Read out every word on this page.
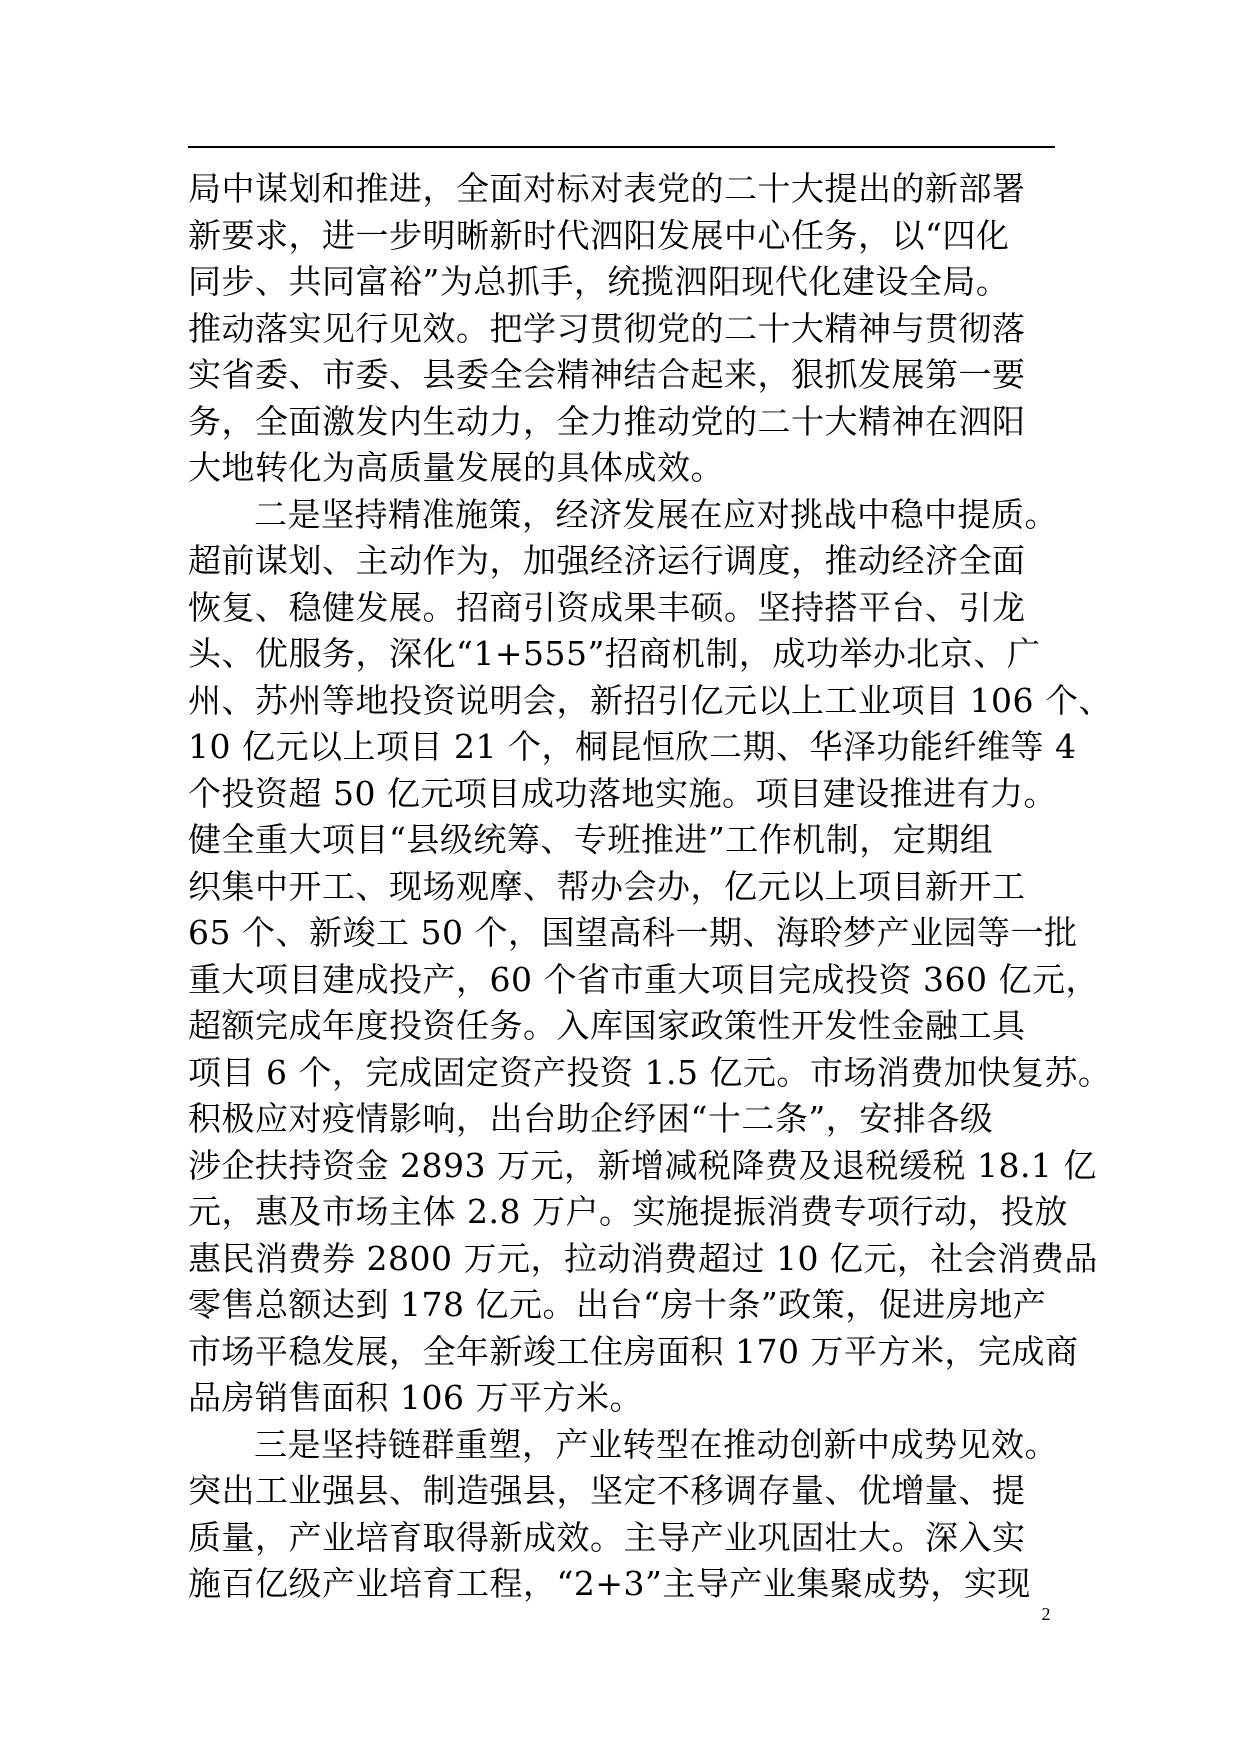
局中谋划和推进，全面对标对表党的二十大提出的新部署
新要求，进一步明晰新时代泗阳发展中心任务，以“四化
同步、共同富裕”为总抓手，统揽泗阳现代化建设全局。
推动落实见行见效。把学习贯彻党的二十大精神与贯彻落
实省委、市委、县委全会精神结合起来，狠抓发展第一要
务，全面激发内生动力，全力推动党的二十大精神在泗阳
大地转化为高质量发展的具体成效。
二是坚持精准施策，经济发展在应对挑战中稳中提质。
超前谋划、主动作为，加强经济运行调度，推动经济全面
恢复、稳健发展。招商引资成果丰硕。坚持搭平台、引龙
头、优服务，深化“1+555”招商机制，成功举办北京、广
州、苏州等地投资说明会，新招引亿元以上工业项目 106 个、
10 亿元以上项目 21 个，桐昆恒欣二期、华泽功能纤维等 4
个投资超 50 亿元项目成功落地实施。项目建设推进有力。
健全重大项目“县级统筹、专班推进”工作机制，定期组
织集中开工、现场观摩、帮办会办，亿元以上项目新开工
65 个、新竣工 50 个，国望高科一期、海聆梦产业园等一批
重大项目建成投产，60 个省市重大项目完成投资 360 亿元，
超额完成年度投资任务。入库国家政策性开发性金融工具
项目 6 个，完成固定资产投资 1.5 亿元。市场消费加快复苏。
积极应对疫情影响，出台助企纾困“十二条”，安排各级
涉企扶持资金 2893 万元，新增减税降费及退税缓税 18.1 亿
元，惠及市场主体 2.8 万户。实施提振消费专项行动，投放
惠民消费券 2800 万元，拉动消费超过 10 亿元，社会消费品
零售总额达到 178 亿元。出台“房十条”政策，促进房地产
市场平稳发展，全年新竣工住房面积 170 万平方米，完成商
品房销售面积 106 万平方米。
三是坚持链群重塑，产业转型在推动创新中成势见效。
突出工业强县、制造强县，坚定不移调存量、优增量、提
质量，产业培育取得新成效。主导产业巩固壮大。深入实
施百亿级产业培育工程，“2+3”主导产业集聚成势，实现
2
